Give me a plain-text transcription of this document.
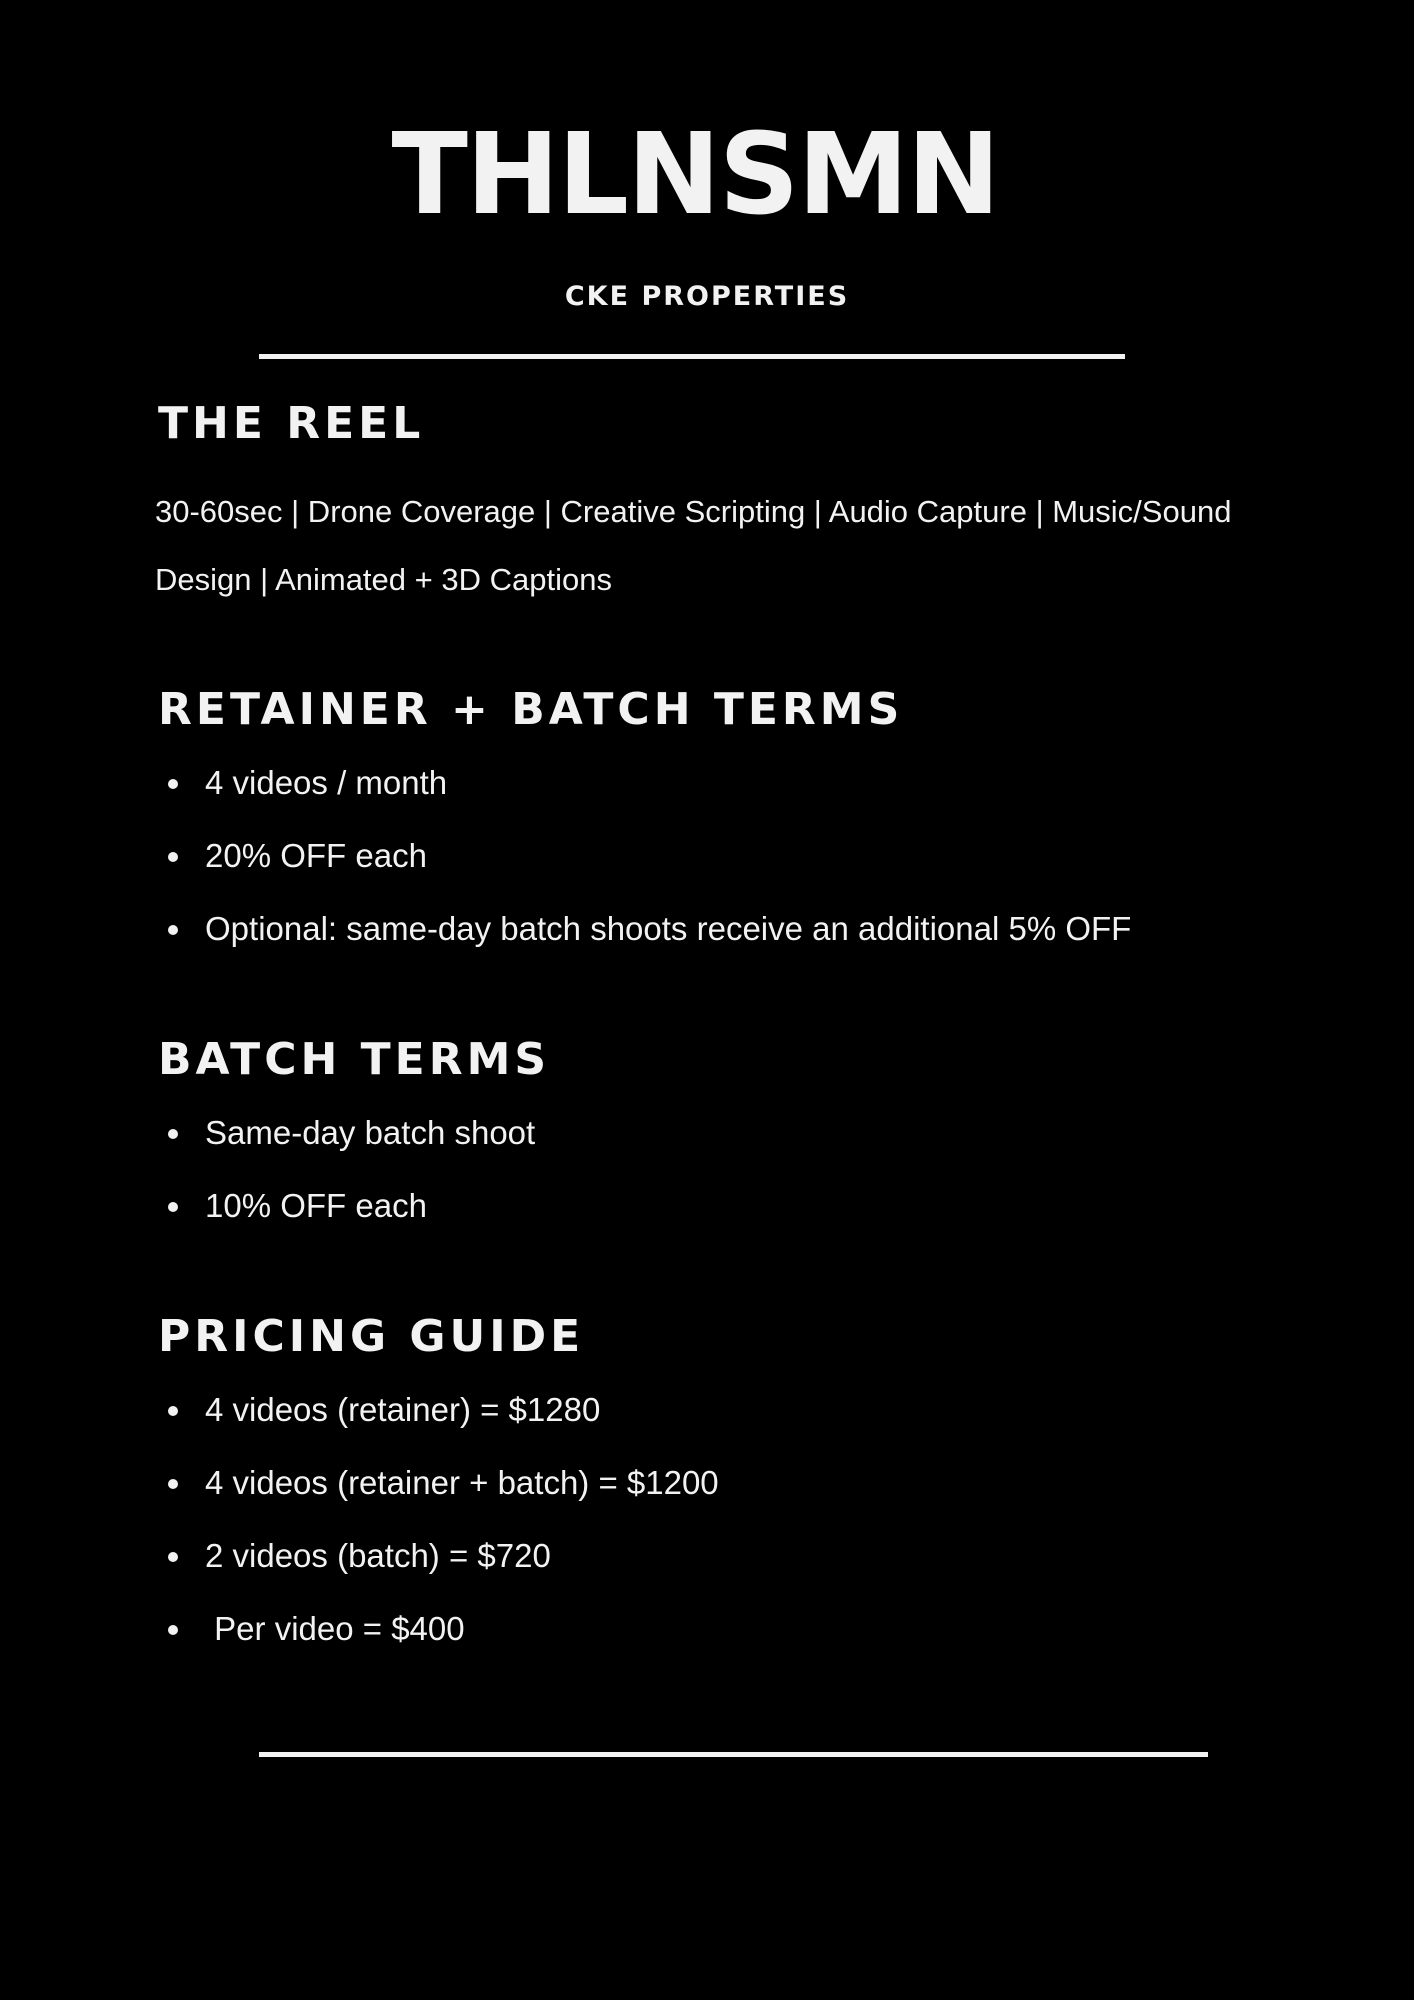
THLNSMN
CKE PROPERTIES
THE REEL

30-60sec | Drone Coverage | Creative Scripting | Audio Capture | Music/Sound
Design | Animated + 3D Captions

RETAINER + BATCH TERMS
4 videos / month
20% OFF each
Optional: same-day batch shoots receive an additional 5% OFF
BATCH TERMS
Same-day batch shoot
10% OFF each
PRICING GUIDE
4 videos (retainer) = $1280
4 videos (retainer + batch) = $1200
2 videos (batch) = $720
Per video = $400
